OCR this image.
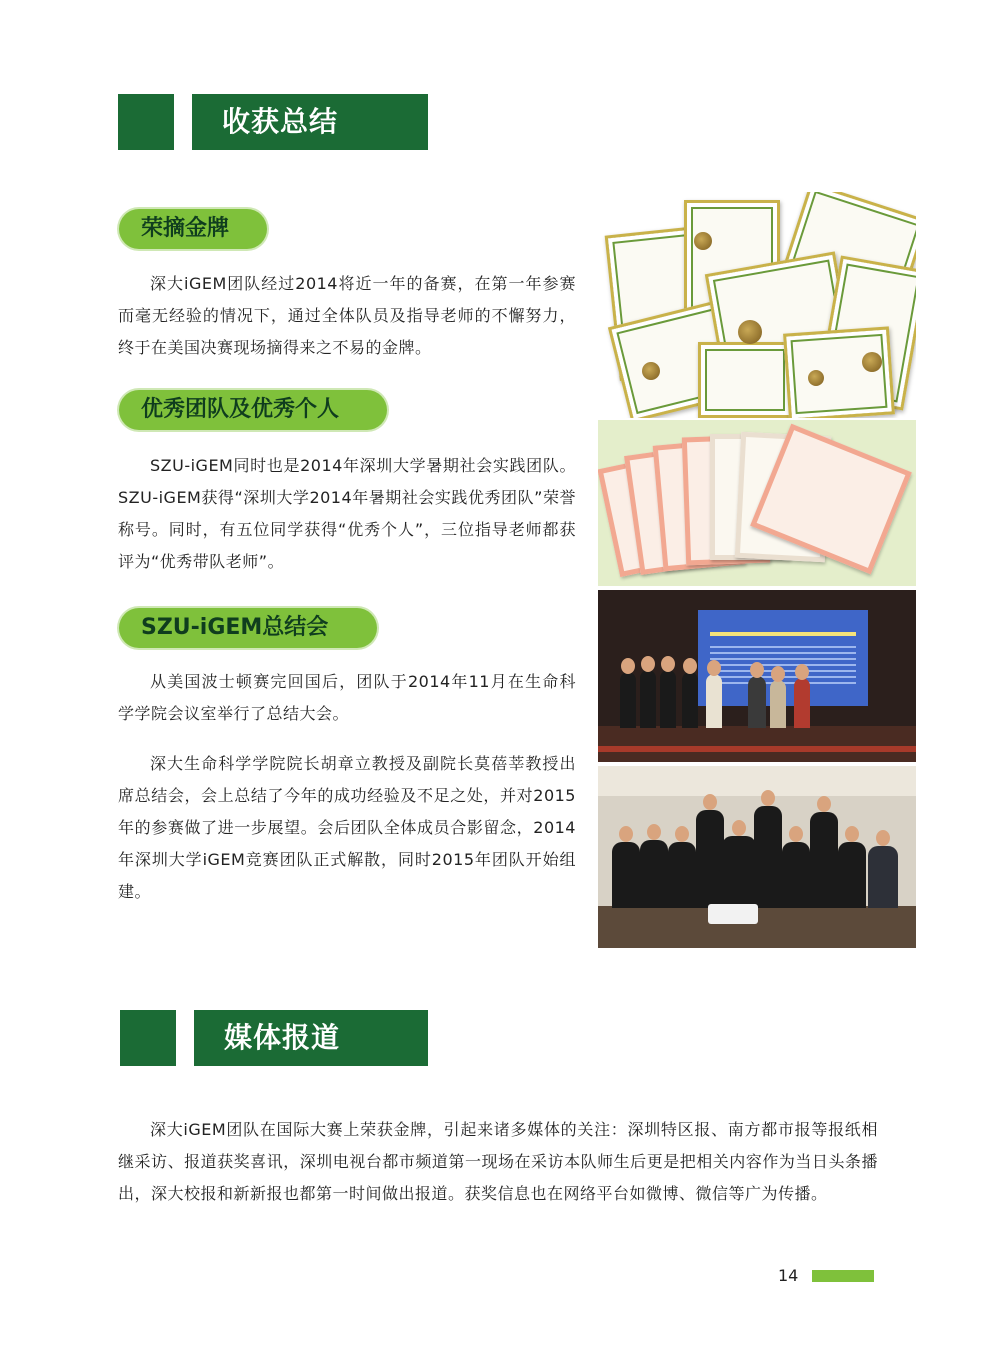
收获总结
荣摘金牌
深大iGEM团队经过2014将近一年的备赛，在第一年参赛而毫无经验的情况下，通过全体队员及指导老师的不懈努力，终于在美国决赛现场摘得来之不易的金牌。
优秀团队及优秀个人
SZU-iGEM同时也是2014年深圳大学暑期社会实践团队。SZU-iGEM获得“深圳大学2014年暑期社会实践优秀团队”荣誉称号。同时，有五位同学获得“优秀个人”，三位指导老师都获评为“优秀带队老师”。
SZU-iGEM总结会
从美国波士顿赛完回国后，团队于2014年11月在生命科学学院会议室举行了总结大会。
深大生命科学学院院长胡章立教授及副院长莫蓓莘教授出席总结会，会上总结了今年的成功经验及不足之处，并对2015年的参赛做了进一步展望。会后团队全体成员合影留念，2014年深圳大学iGEM竞赛团队正式解散，同时2015年团队开始组建。
媒体报道
深大iGEM团队在国际大赛上荣获金牌，引起来诸多媒体的关注：深圳特区报、南方都市报等报纸相继采访、报道获奖喜讯，深圳电视台都市频道第一现场在采访本队师生后更是把相关内容作为当日头条播出，深大校报和新新报也都第一时间做出报道。获奖信息也在网络平台如微博、微信等广为传播。
14
